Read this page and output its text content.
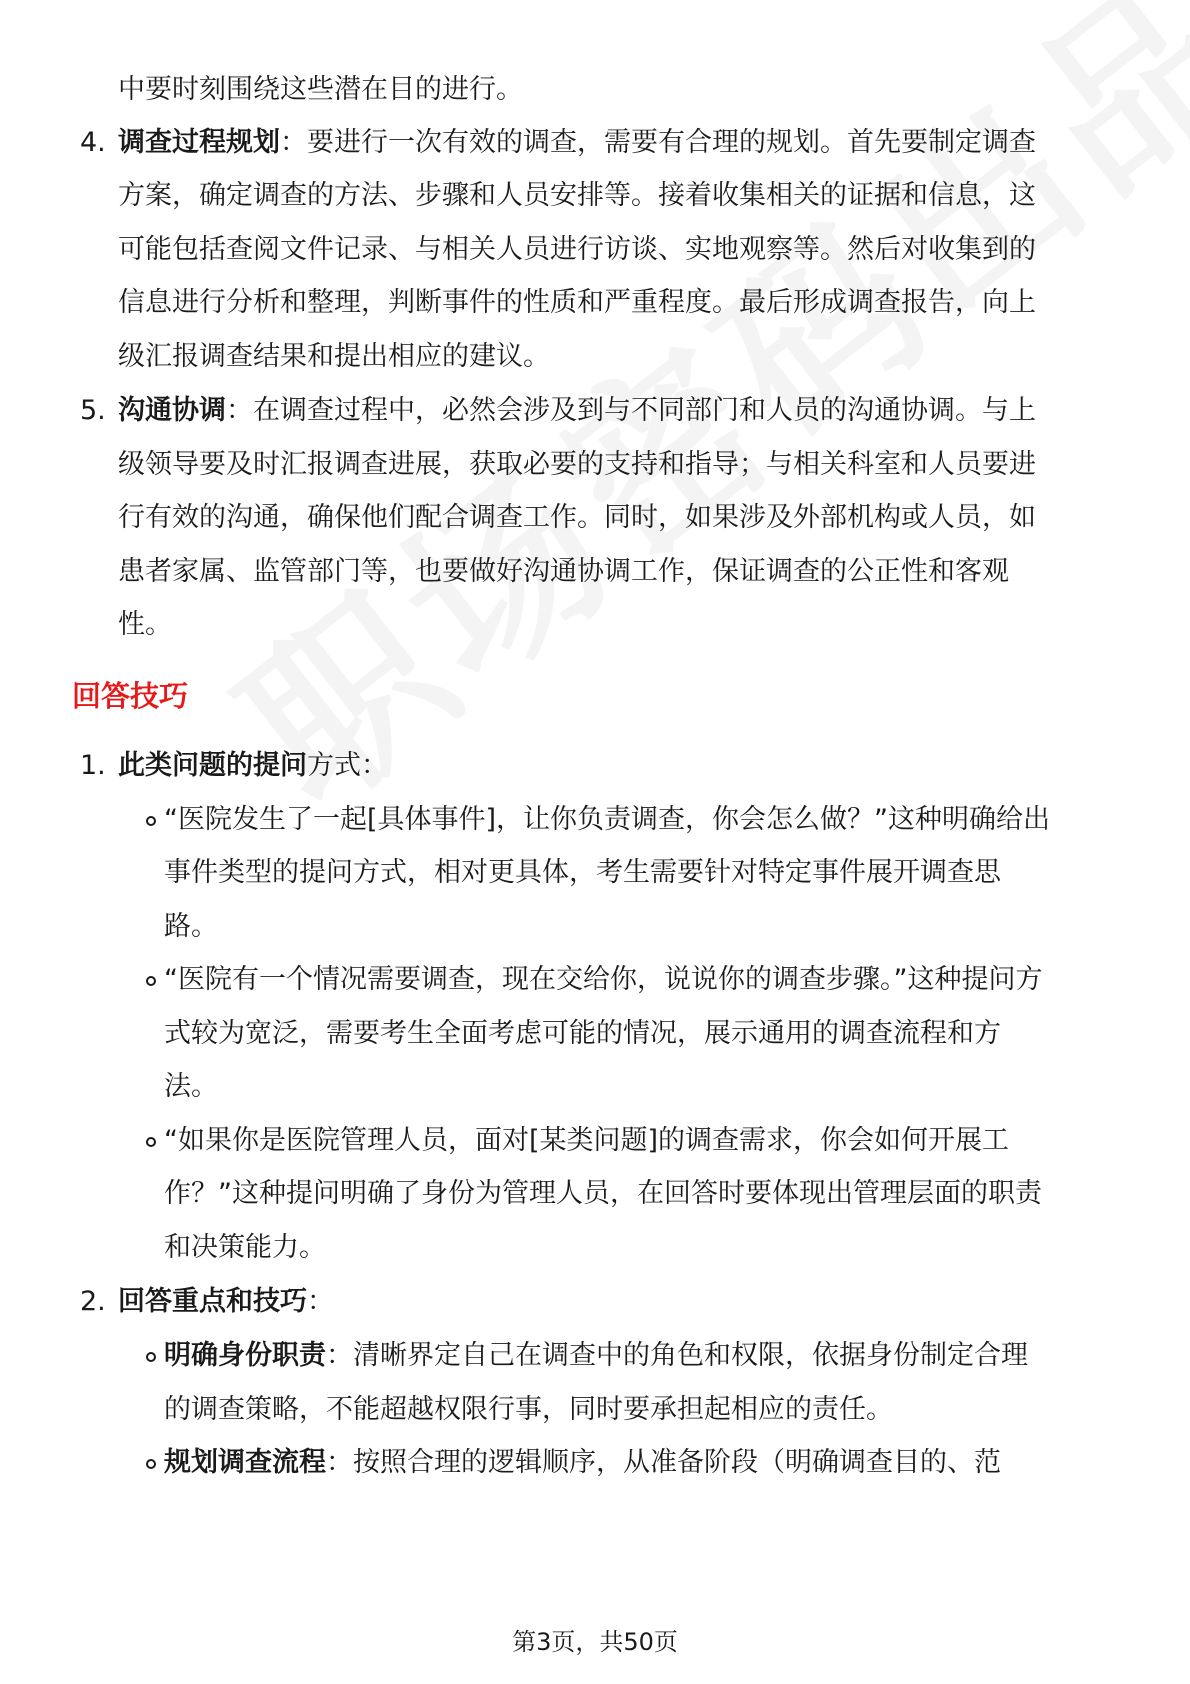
中要时刻围绕这些潜在目的进行。
4. 调查过程规划：要进行一次有效的调查，需要有合理的规划。首先要制定调查
方案，确定调查的方法、步骤和人员安排等。接着收集相关的证据和信息，这
可能包括查阅文件记录、与相关人员进行访谈、实地观察等。然后对收集到的
信息进行分析和整理，判断事件的性质和严重程度。最后形成调查报告，向上
级汇报调查结果和提出相应的建议。
5. 沟通协调：在调查过程中，必然会涉及到与不同部门和人员的沟通协调。与上
级领导要及时汇报调查进展，获取必要的支持和指导；与相关科室和人员要进
行有效的沟通，确保他们配合调查工作。同时，如果涉及外部机构或人员，如
患者家属、监管部门等，也要做好沟通协调工作，保证调查的公正性和客观
性。
回答技巧
1. 此类问题的提问方式：
“医院发生了一起[具体事件]，让你负责调查，你会怎么做？”这种明确给出
事件类型的提问方式，相对更具体，考生需要针对特定事件展开调查思
路。
“医院有一个情况需要调查，现在交给你，说说你的调查步骤。”这种提问方
式较为宽泛，需要考生全面考虑可能的情况，展示通用的调查流程和方
法。
“如果你是医院管理人员，面对[某类问题]的调查需求，你会如何开展工
作？”这种提问明确了身份为管理人员，在回答时要体现出管理层面的职责
和决策能力。
2. 回答重点和技巧：
明确身份职责：清晰界定自己在调查中的角色和权限，依据身份制定合理
的调查策略，不能超越权限行事，同时要承担起相应的责任。
规划调查流程：按照合理的逻辑顺序，从准备阶段（明确调查目的、范
第3页，共50页
